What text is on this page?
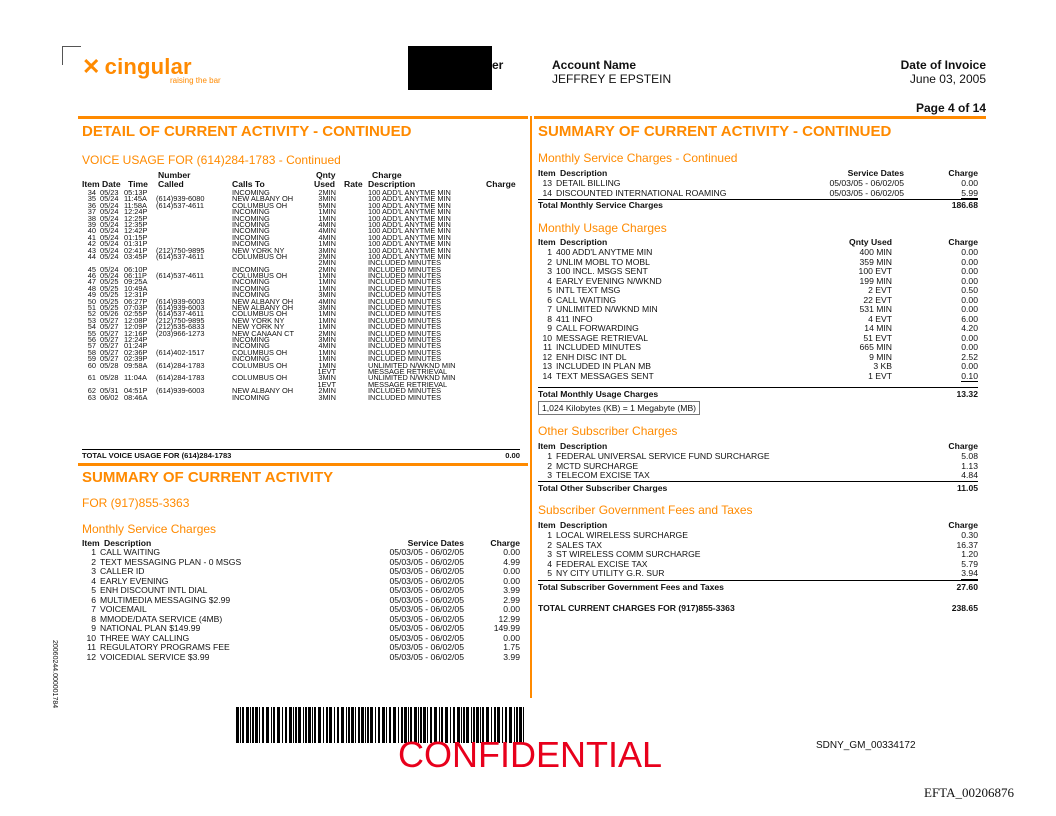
✕ cingular
raising the bar
er	Account Name
JEFFREY E EPSTEIN
Date of Invoice
June 03, 2005
Page 4 of 14
DETAIL OF CURRENT ACTIVITY - CONTINUED
VOICE USAGE FOR (614)284-1783 - Continued
Number	Qnty	Charge
Item Date Time Called	Calls To	Used Rate Description	Charge
34 05/23 05:13P	INCOMING	2MIN	100 ADD'L ANYTME MIN
35 05/24 11:45A (614)939-6080	NEW ALBANY OH	3MIN	100 ADD'L ANYTME MIN
36 05/24 11:58A (614)537-4611	COLUMBUS OH	5MIN	100 ADD'L ANYTME MIN
37 05/24 12:24P	INCOMING	1MIN	100 ADD'L ANYTME MIN
38 05/24 12:25P	INCOMING	1MIN	100 ADD'L ANYTME MIN
39 05/24 12:35P	INCOMING	4MIN	100 ADD'L ANYTME MIN
40 05/24 12:42P	INCOMING	4MIN	100 ADD'L ANYTME MIN
41 05/24 01:15P	INCOMING	4MIN	100 ADD'L ANYTME MIN
42 05/24 01:31P	INCOMING	1MIN	100 ADD'L ANYTME MIN
43 05/24 02:41P (212)750-9895	NEW YORK NY	3MIN	100 ADD'L ANYTME MIN
44 05/24 03:45P (614)537-4611	COLUMBUS OH	2MIN	100 ADD'L ANYTME MIN
2MIN	INCLUDED MINUTES
45 05/24 06:10P	INCOMING	2MIN	INCLUDED MINUTES
46 05/24 06:11P (614)537-4611	COLUMBUS OH	1MIN	INCLUDED MINUTES
47 05/25 09:25A	INCOMING	1MIN	INCLUDED MINUTES
48 05/25 10:49A	INCOMING	1MIN	INCLUDED MINUTES
49 05/25 12:31P	INCOMING	3MIN	INCLUDED MINUTES
50 05/25 06:27P (614)939-6003	NEW ALBANY OH	4MIN	INCLUDED MINUTES
51 05/25 07:03P (614)939-6003	NEW ALBANY OH	3MIN	INCLUDED MINUTES
52 05/26 02:55P (614)537-4611	COLUMBUS OH	1MIN	INCLUDED MINUTES
53 05/27 12:08P (212)750-9895	NEW YORK NY	1MIN	INCLUDED MINUTES
54 05/27 12:09P (212)535-6833	NEW YORK NY	1MIN	INCLUDED MINUTES
55 05/27 12:16P (203)966-1273	NEW CANAAN CT	2MIN	INCLUDED MINUTES
56 05/27 12:24P	INCOMING	3MIN	INCLUDED MINUTES
57 05/27 01:24P	INCOMING	4MIN	INCLUDED MINUTES
58 05/27 02:36P (614)402-1517	COLUMBUS OH	1MIN	INCLUDED MINUTES
59 05/27 02:39P	INCOMING	1MIN	INCLUDED MINUTES
60 05/28 09:58A (614)284-1783	COLUMBUS OH	1MIN	UNLIMITED N/WKND MIN
1EVT	MESSAGE RETRIEVAL
61 05/28 11:04A (614)284-1783	COLUMBUS OH	3MIN	UNLIMITED N/WKND MIN
1EVT	MESSAGE RETRIEVAL
62 05/31 04:51P (614)939-6003	NEW ALBANY OH	2MIN	INCLUDED MINUTES
63 06/02 08:46A	INCOMING	3MIN	INCLUDED MINUTES
TOTAL VOICE USAGE FOR (614)284-1783	0.00
SUMMARY OF CURRENT ACTIVITY
FOR (917)855-3363
Monthly Service Charges
Item Description	Service Dates	Charge
1 CALL WAITING	05/03/05 - 06/02/05	0.00
2 TEXT MESSAGING PLAN - 0 MSGS	05/03/05 - 06/02/05	4.99
3 CALLER ID	05/03/05 - 06/02/05	0.00
4 EARLY EVENING	05/03/05 - 06/02/05	0.00
5 ENH DISCOUNT INTL DIAL	05/03/05 - 06/02/05	3.99
6 MULTIMEDIA MESSAGING $2.99	05/03/05 - 06/02/05	2.99
7 VOICEMAIL	05/03/05 - 06/02/05	0.00
8 MMODE/DATA SERVICE (4MB)	05/03/05 - 06/02/05	12.99
9 NATIONAL PLAN $149.99	05/03/05 - 06/02/05	149.99
10 THREE WAY CALLING	05/03/05 - 06/02/05	0.00
11 REGULATORY PROGRAMS FEE	05/03/05 - 06/02/05	1.75
12 VOICEDIAL SERVICE $3.99	05/03/05 - 06/02/05	3.99
SUMMARY OF CURRENT ACTIVITY - CONTINUED
Monthly Service Charges - Continued
Item Description	Service Dates	Charge
13 DETAIL BILLING	05/03/05 - 06/02/05	0.00
14 DISCOUNTED INTERNATIONAL ROAMING	05/03/05 - 06/02/05	5.99
Total Monthly Service Charges	186.68
Monthly Usage Charges
Item Description	Qnty Used	Charge
1 400 ADD'L ANYTME MIN	400 MIN	0.00
2 UNLIM MOBL TO MOBL	359 MIN	0.00
3 100 INCL. MSGS SENT	100 EVT	0.00
4 EARLY EVENING N/WKND	199 MIN	0.00
5 INTL TEXT MSG	2 EVT	0.50
6 CALL WAITING	22 EVT	0.00
7 UNLIMITED N/WKND MIN	531 MIN	0.00
8 411 INFO	4 EVT	6.00
9 CALL FORWARDING	14 MIN	4.20
10 MESSAGE RETRIEVAL	51 EVT	0.00
11 INCLUDED MINUTES	665 MIN	0.00
12 ENH DISC INT DL	9 MIN	2.52
13 INCLUDED IN PLAN MB	3 KB	0.00
14 TEXT MESSAGES SENT	1 EVT	0.10
Total Monthly Usage Charges	13.32
1,024 Kilobytes (KB) = 1 Megabyte (MB)
Other Subscriber Charges
Item Description	Charge
1 FEDERAL UNIVERSAL SERVICE FUND SURCHARGE	5.08
2 MCTD SURCHARGE	1.13
3 TELECOM EXCISE TAX	4.84
Total Other Subscriber Charges	11.05
Subscriber Government Fees and Taxes
Item Description	Charge
1 LOCAL WIRELESS SURCHARGE	0.30
2 SALES TAX	16.37
3 ST WIRELESS COMM SURCHARGE	1.20
4 FEDERAL EXCISE TAX	5.79
5 NY CITY UTILITY G.R. SUR	3.94
Total Subscriber Government Fees and Taxes	27.60
TOTAL CURRENT CHARGES FOR (917)855-3363	238.65
CONFIDENTIAL	SDNY_GM_00334172
EFTA_00206876
20060244.000001784
